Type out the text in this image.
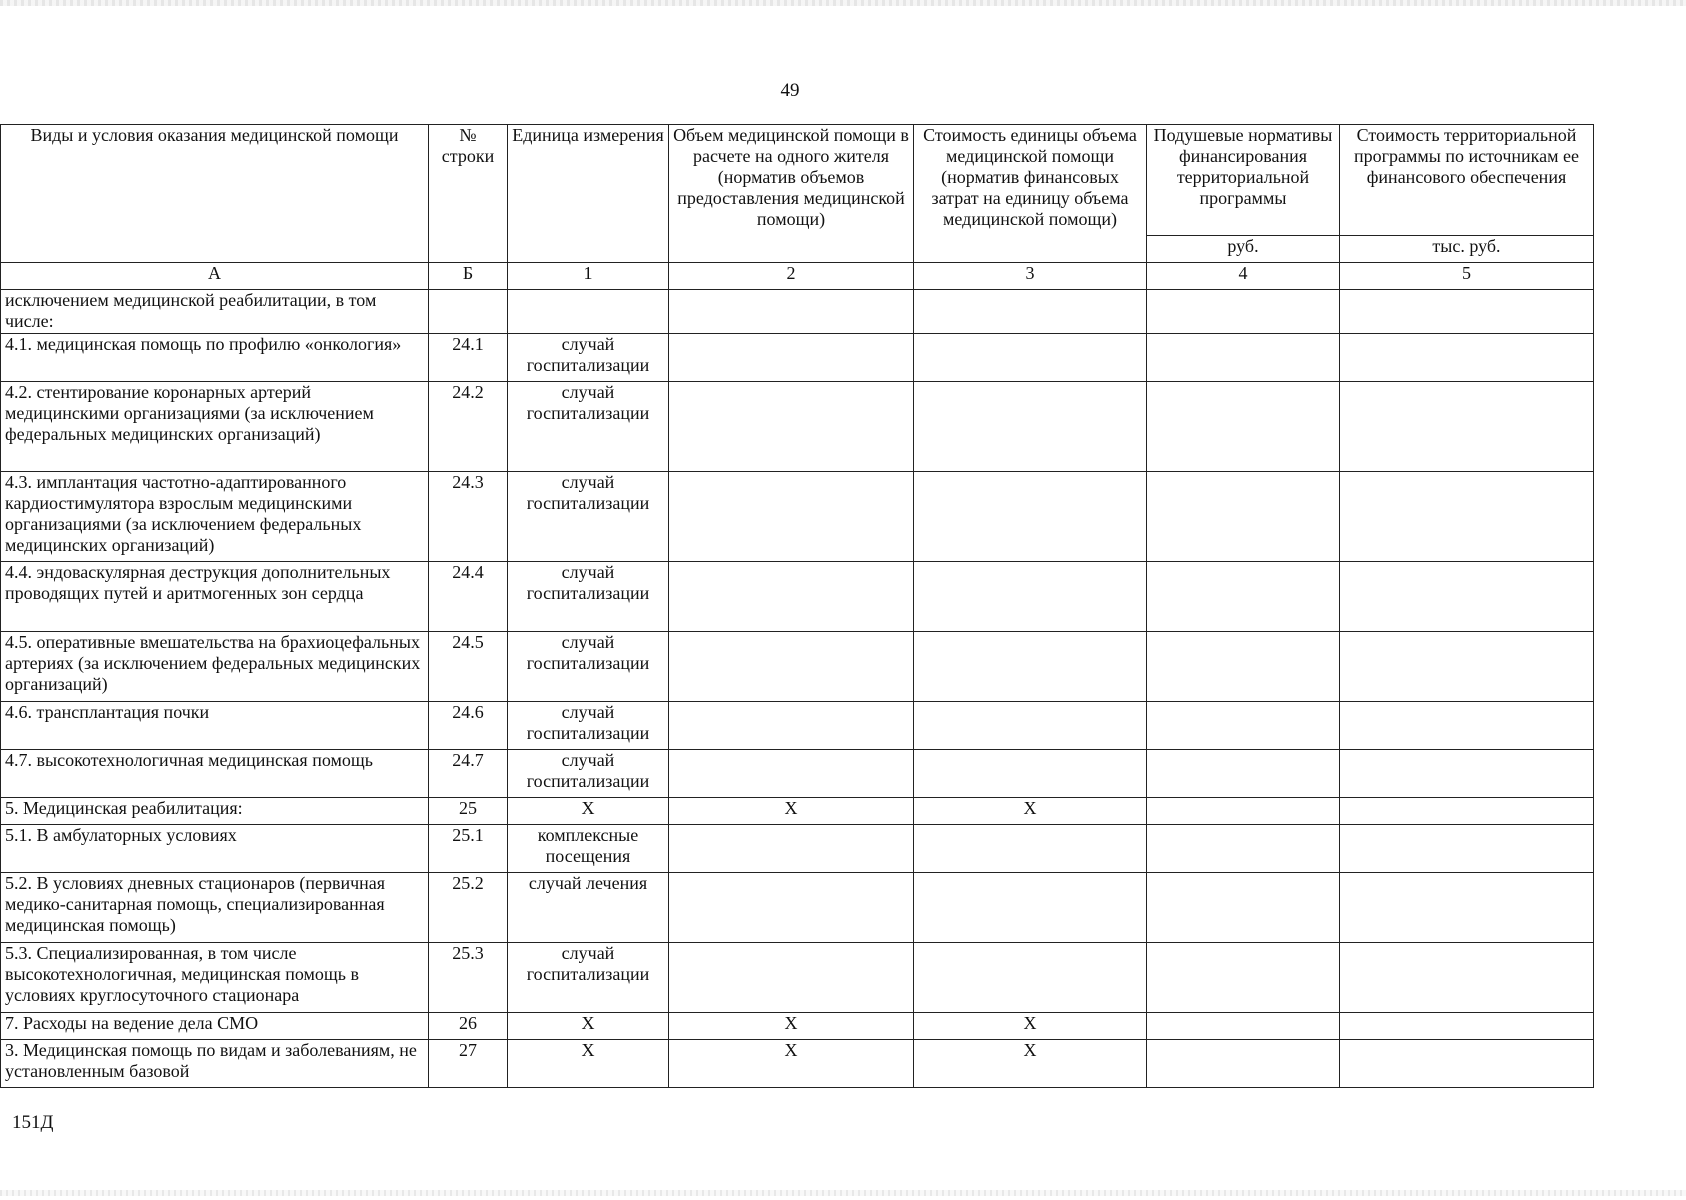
49
Виды и условия оказания медицинской помощи	№ строки	Единица измерения	Объем медицинской помощи в расчете на одного жителя (норматив объемов предоставления медицинской помощи)	Стоимость единицы объема медицинской помощи (норматив финансовых затрат на единицу объема медицинской помощи)	Подушевые нормативы финансирования территориальной программы	Стоимость территориальной программы по источникам ее финансового обеспечения
					руб.	тыс. руб.
А	Б	1	2	3	4	5
исключением медицинской реабилитации, в том числе:						
4.1. медицинская помощь по профилю «онкология»	24.1	случай госпитализации				
4.2. стентирование коронарных артерий медицинскими организациями (за исключением федеральных медицинских организаций)	24.2	случай госпитализации				
4.3. имплантация частотно-адаптированного кардиостимулятора взрослым медицинскими организациями (за исключением федеральных медицинских организаций)	24.3	случай госпитализации				
4.4. эндоваскулярная деструкция дополнительных проводящих путей и аритмогенных зон сердца	24.4	случай госпитализации				
4.5. оперативные вмешательства на брахиоцефальных артериях (за исключением федеральных медицинских организаций)	24.5	случай госпитализации				
4.6. трансплантация почки	24.6	случай госпитализации				
4.7. высокотехнологичная медицинская помощь	24.7	случай госпитализации				
5. Медицинская реабилитация:	25	Х	Х	Х		
5.1. В амбулаторных условиях	25.1	комплексные посещения				
5.2. В условиях дневных стационаров (первичная медико-санитарная помощь, специализированная медицинская помощь)	25.2	случай лечения				
5.3. Специализированная, в том числе высокотехнологичная, медицинская помощь в условиях круглосуточного стационара	25.3	случай госпитализации				
7. Расходы на ведение дела СМО	26	Х	Х	Х		
3. Медицинская помощь по видам и заболеваниям, не установленным базовой	27	Х	Х	Х		
151Д
